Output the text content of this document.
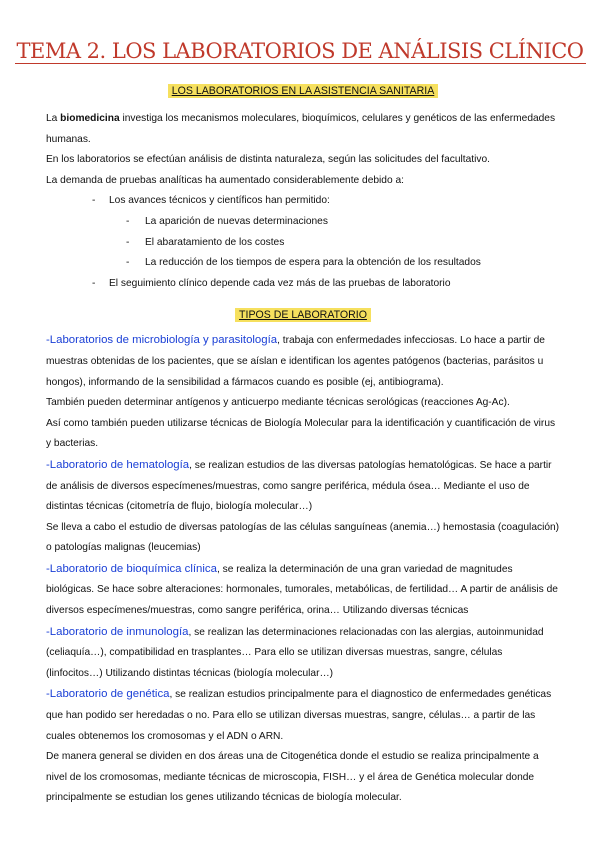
TEMA 2. LOS LABORATORIOS DE ANÁLISIS CLÍNICO

LOS LABORATORIOS EN LA ASISTENCIA SANITARIA

La biomedicina investiga los mecanismos moleculares, bioquímicos, celulares y genéticos de las enfermedades humanas.

En los laboratorios se efectúan análisis de distinta naturaleza, según las solicitudes del facultativo.

La demanda de pruebas analíticas ha aumentado considerablemente debido a:

- Los avances técnicos y científicos han permitido:
- La aparición de nuevas determinaciones
- El abaratamiento de los costes
- La reducción de los tiempos de espera para la obtención de los resultados
- El seguimiento clínico depende cada vez más de las pruebas de laboratorio

TIPOS DE LABORATORIO

-Laboratorios de microbiología y parasitología, trabaja con enfermedades infecciosas. Lo hace a partir de muestras obtenidas de los pacientes, que se aíslan e identifican los agentes patógenos (bacterias, parásitos u hongos), informando de la sensibilidad a fármacos cuando es posible (ej, antibiograma).

También pueden determinar antígenos y anticuerpo mediante técnicas serológicas (reacciones Ag-Ac).

Así como también pueden utilizarse técnicas de Biología Molecular para la identificación y cuantificación de virus y bacterias.

-Laboratorio de hematología, se realizan estudios de las diversas patologías hematológicas. Se hace a partir de análisis de diversos especímenes/muestras, como sangre periférica, médula ósea… Mediante el uso de distintas técnicas (citometría de flujo, biología molecular…)

Se lleva a cabo el estudio de diversas patologías de las células sanguíneas (anemia…) hemostasia (coagulación) o patologías malignas (leucemias)

-Laboratorio de bioquímica clínica, se realiza la determinación de una gran variedad de magnitudes biológicas. Se hace sobre alteraciones: hormonales, tumorales, metabólicas, de fertilidad… A partir de análisis de diversos especímenes/muestras, como sangre periférica, orina… Utilizando diversas técnicas

-Laboratorio de inmunología, se realizan las determinaciones relacionadas con las alergias, autoinmunidad (celiaquía…), compatibilidad en trasplantes… Para ello se utilizan diversas muestras, sangre, células (linfocitos…) Utilizando distintas técnicas (biología molecular…)

-Laboratorio de genética, se realizan estudios principalmente para el diagnostico de enfermedades genéticas que han podido ser heredadas o no. Para ello se utilizan diversas muestras, sangre, células… a partir de las cuales obtenemos los cromosomas y el ADN o ARN.

De manera general se dividen en dos áreas una de Citogenética donde el estudio se realiza principalmente a nivel de los cromosomas, mediante técnicas de microscopia, FISH… y el área de Genética molecular donde principalmente se estudian los genes utilizando técnicas de biología molecular.
